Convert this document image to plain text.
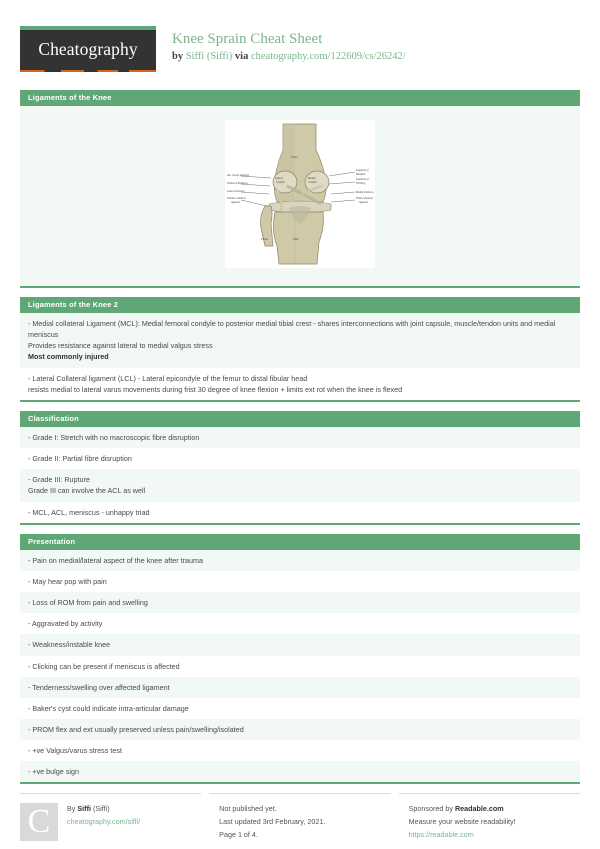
Cheatography Knee Sprain Cheat Sheet
by Siffi (Siffi) via cheatography.com/122609/cs/26242/
Ligaments of the Knee
Ant. crucial ligament
Tendon of Popliteus
Lateral meniscus
Fibular collateral
ligament
Ligament of
Humphry
Ligament of
Wrisberg
Medial meniscus
Tibial collateral
ligament
Femur
Lateral
Condyle
Medial
Condyle
Tibia
Fibula
Ligaments of the Knee 2
- Medial collateral Ligament (MCL): Medial femoral condyle to posterior medial tibial crest - shares interconnections with joint capsule, muscle/tendon units and medial meniscus
Provides resistance against lateral to medial valgus stress
Most commonly injured
- Lateral Collateral ligament (LCL) - Lateral epicondyle of the femur to distal fibular head
resists medial to lateral varus movements during frist 30 degree of knee flexion + limits ext rot when the knee is flexed
Classification
- Grade I: Stretch with no macroscopic fibre disruption
- Grade II: Partial fibre disruption
- Grade III: Rupture
Grade III can involve the ACL as well
- MCL, ACL, meniscus - unhappy triad
Presentation
- Pain on medial/lateral aspect of the knee after trauma
- May hear pop with pain
- Loss of ROM from pain and swelling
- Aggravated by activity
- Weakness/instable knee
- Clicking can be present if meniscus is affected
- Tenderness/swelling over affected ligament
- Baker's cyst could indicate intra-articular damage
- PROM flex and ext usually preserved unless pain/swelling/isolated
- +ve Valgus/varus stress test
- +ve bulge sign
C	By Siffi (Siffi)
cheatography.com/siffi/
Not published yet.
Last updated 3rd February, 2021.
Page 1 of 4.
Sponsored by Readable.com
Measure your website readability!
https://readable.com
